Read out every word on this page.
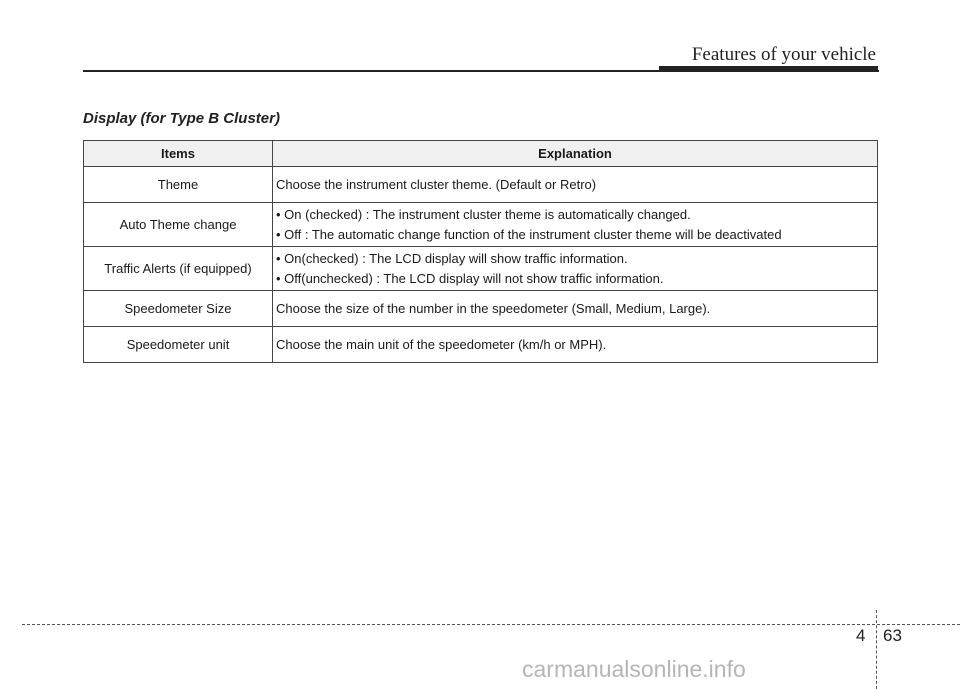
Features of your vehicle
Display (for Type B Cluster)
Items	Explanation
Theme	Choose the instrument cluster theme. (Default or Retro)

Auto Theme change	• On (checked) : The instrument cluster theme is automatically changed.
• Off : The automatic change function of the instrument cluster theme will be deactivated

Traffic Alerts (if equipped)	• On(checked) : The LCD display will show traffic information.
• Off(unchecked) : The LCD display will not show traffic information.

Speedometer Size	Choose the size of the number in the speedometer (Small, Medium, Large).

Speedometer unit	Choose the main unit of the speedometer (km/h or MPH).
4 63
carmanualsonline.info
